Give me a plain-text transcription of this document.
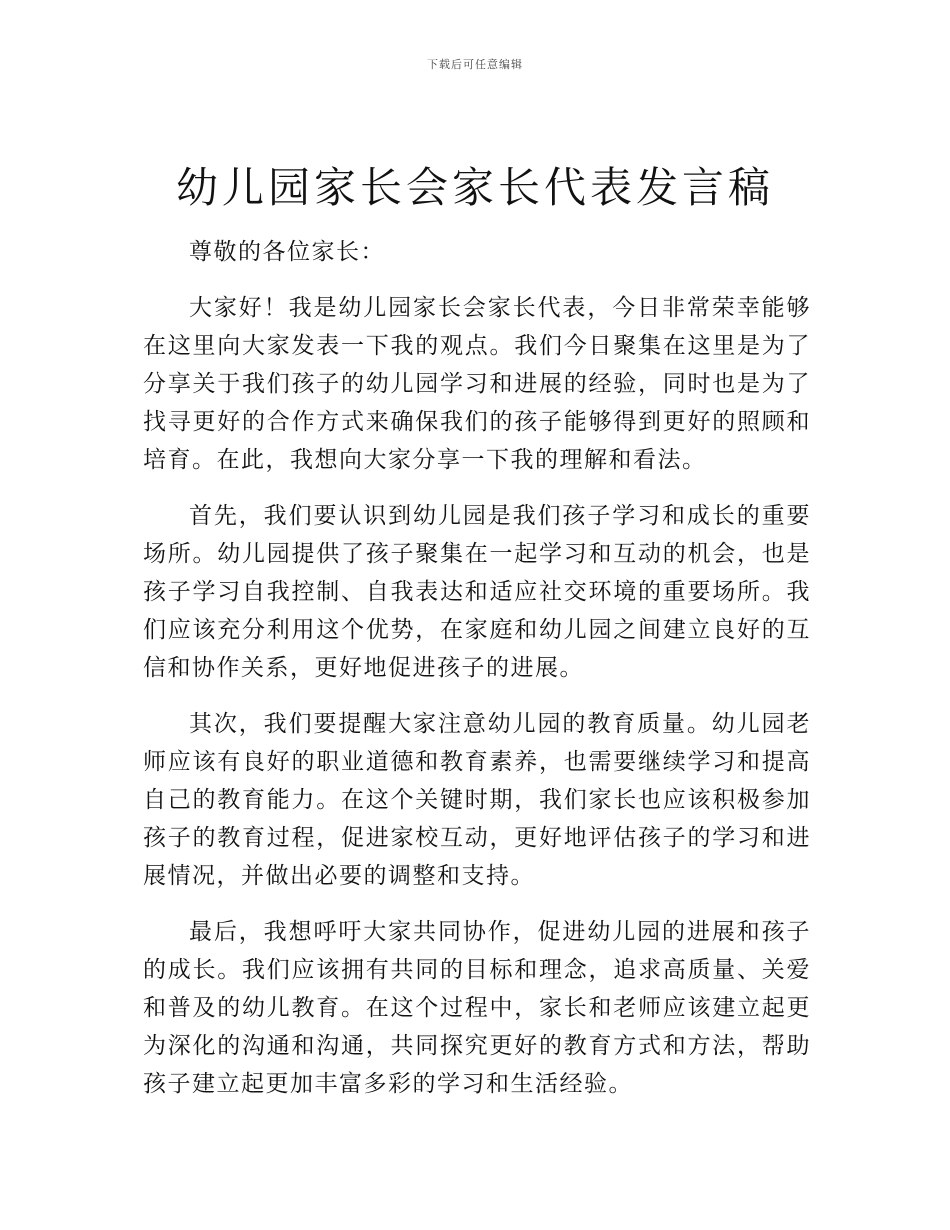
下载后可任意编辑
幼儿园家长会家长代表发言稿

尊敬的各位家长：

大家好！我是幼儿园家长会家长代表，今日非常荣幸能够在这里向大家发表一下我的观点。我们今日聚集在这里是为了分享关于我们孩子的幼儿园学习和进展的经验，同时也是为了找寻更好的合作方式来确保我们的孩子能够得到更好的照顾和培育。在此，我想向大家分享一下我的理解和看法。

首先，我们要认识到幼儿园是我们孩子学习和成长的重要场所。幼儿园提供了孩子聚集在一起学习和互动的机会，也是孩子学习自我控制、自我表达和适应社交环境的重要场所。我们应该充分利用这个优势，在家庭和幼儿园之间建立良好的互信和协作关系，更好地促进孩子的进展。

其次，我们要提醒大家注意幼儿园的教育质量。幼儿园老师应该有良好的职业道德和教育素养，也需要继续学习和提高自己的教育能力。在这个关键时期，我们家长也应该积极参加孩子的教育过程，促进家校互动，更好地评估孩子的学习和进展情况，并做出必要的调整和支持。

最后，我想呼吁大家共同协作，促进幼儿园的进展和孩子的成长。我们应该拥有共同的目标和理念，追求高质量、关爱和普及的幼儿教育。在这个过程中，家长和老师应该建立起更为深化的沟通和沟通，共同探究更好的教育方式和方法，帮助孩子建立起更加丰富多彩的学习和生活经验。
